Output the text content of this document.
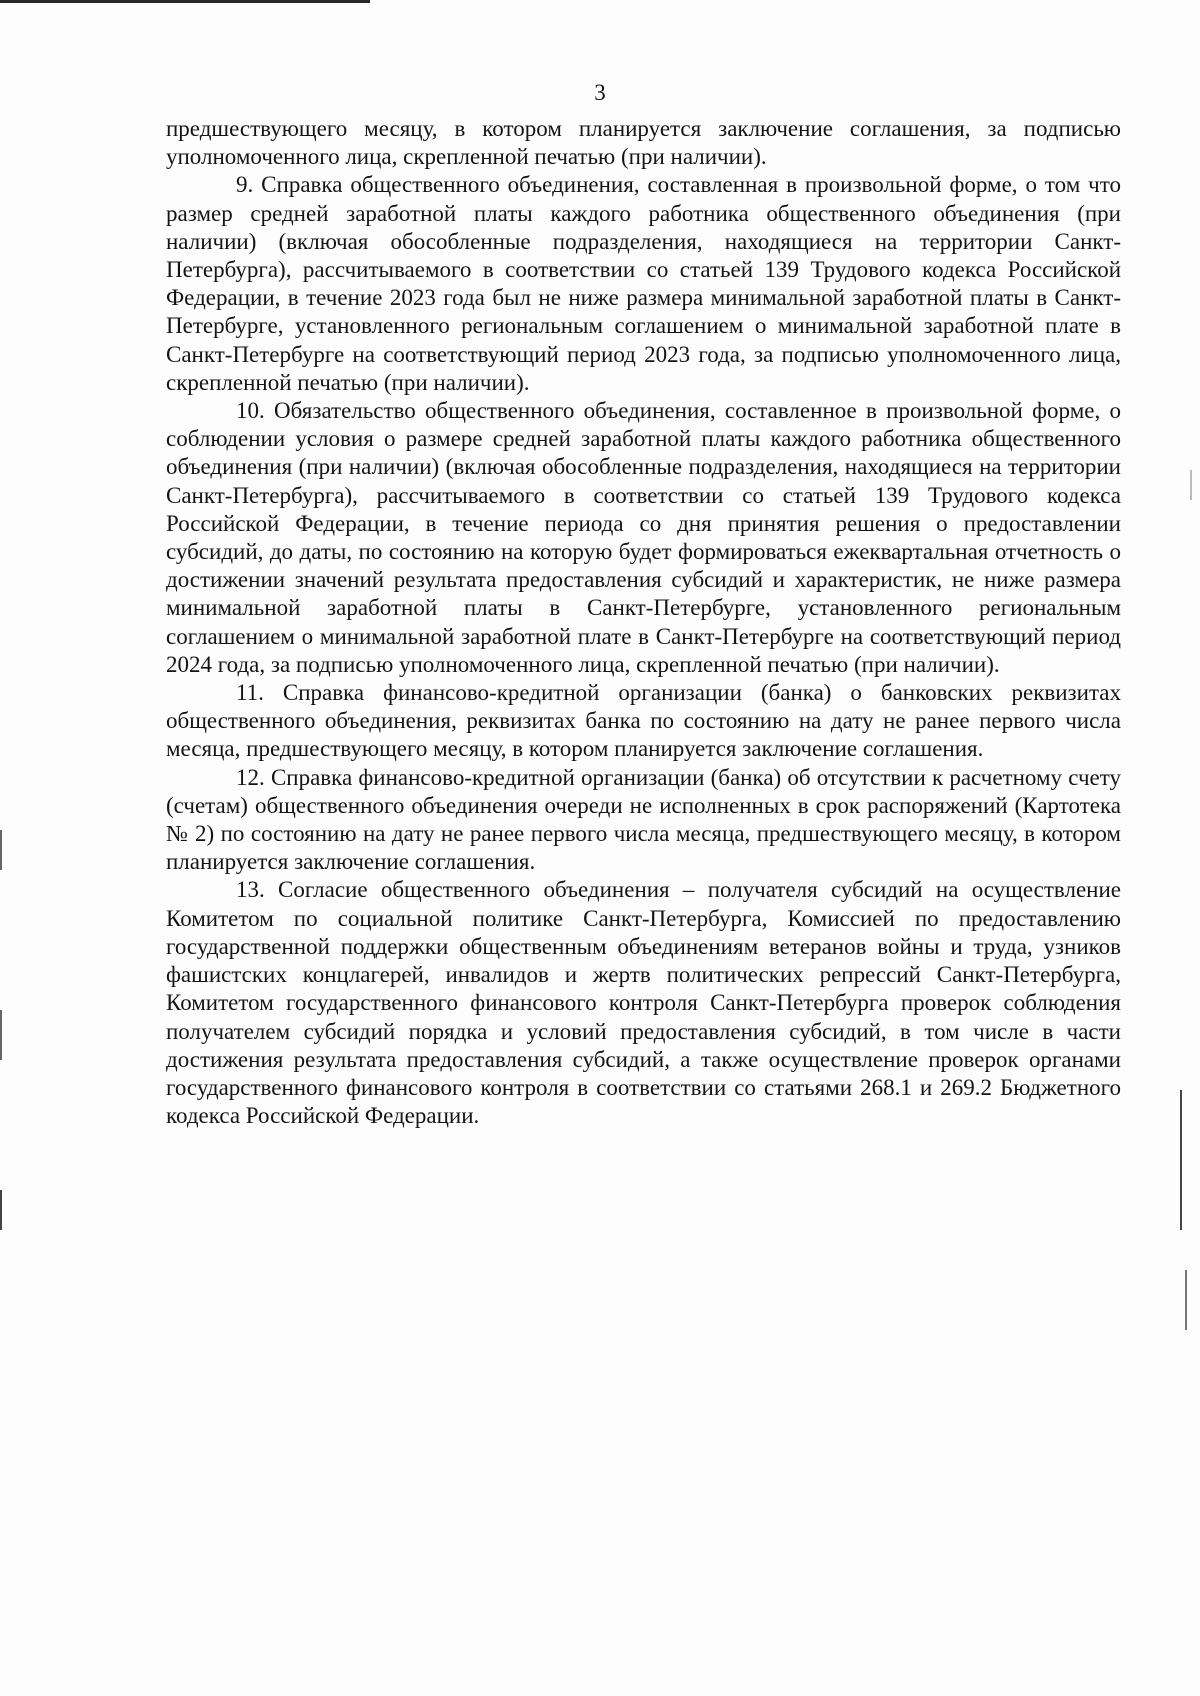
3

предшествующего месяцу, в котором планируется заключение соглашения, за подписью уполномоченного лица, скрепленной печатью (при наличии).

9. Справка общественного объединения, составленная в произвольной форме, о том что размер средней заработной платы каждого работника общественного объединения (при наличии) (включая обособленные подразделения, находящиеся на территории Санкт-Петербурга), рассчитываемого в соответствии со статьей 139 Трудового кодекса Российской Федерации, в течение 2023 года был не ниже размера минимальной заработной платы в Санкт-Петербурге, установленного региональным соглашением о минимальной заработной плате в Санкт-Петербурге на соответствующий период 2023 года, за подписью уполномоченного лица, скрепленной печатью (при наличии).

10. Обязательство общественного объединения, составленное в произвольной форме, о соблюдении условия о размере средней заработной платы каждого работника общественного объединения (при наличии) (включая обособленные подразделения, находящиеся на территории Санкт-Петербурга), рассчитываемого в соответствии со статьей 139 Трудового кодекса Российской Федерации, в течение периода со дня принятия решения о предоставлении субсидий, до даты, по состоянию на которую будет формироваться ежеквартальная отчетность о достижении значений результата предоставления субсидий и характеристик, не ниже размера минимальной заработной платы в Санкт-Петербурге, установленного региональным соглашением о минимальной заработной плате в Санкт-Петербурге на соответствующий период 2024 года, за подписью уполномоченного лица, скрепленной печатью (при наличии).

11. Справка финансово-кредитной организации (банка) о банковских реквизитах общественного объединения, реквизитах банка по состоянию на дату не ранее первого числа месяца, предшествующего месяцу, в котором планируется заключение соглашения.

12. Справка финансово-кредитной организации (банка) об отсутствии к расчетному счету (счетам) общественного объединения очереди не исполненных в срок распоряжений (Картотека № 2) по состоянию на дату не ранее первого числа месяца, предшествующего месяцу, в котором планируется заключение соглашения.

13. Согласие общественного объединения – получателя субсидий на осуществление Комитетом по социальной политике Санкт-Петербурга, Комиссией по предоставлению государственной поддержки общественным объединениям ветеранов войны и труда, узников фашистских концлагерей, инвалидов и жертв политических репрессий Санкт-Петербурга, Комитетом государственного финансового контроля Санкт-Петербурга проверок соблюдения получателем субсидий порядка и условий предоставления субсидий, в том числе в части достижения результата предоставления субсидий, а также осуществление проверок органами государственного финансового контроля в соответствии со статьями 268.1 и 269.2 Бюджетного кодекса Российской Федерации.
